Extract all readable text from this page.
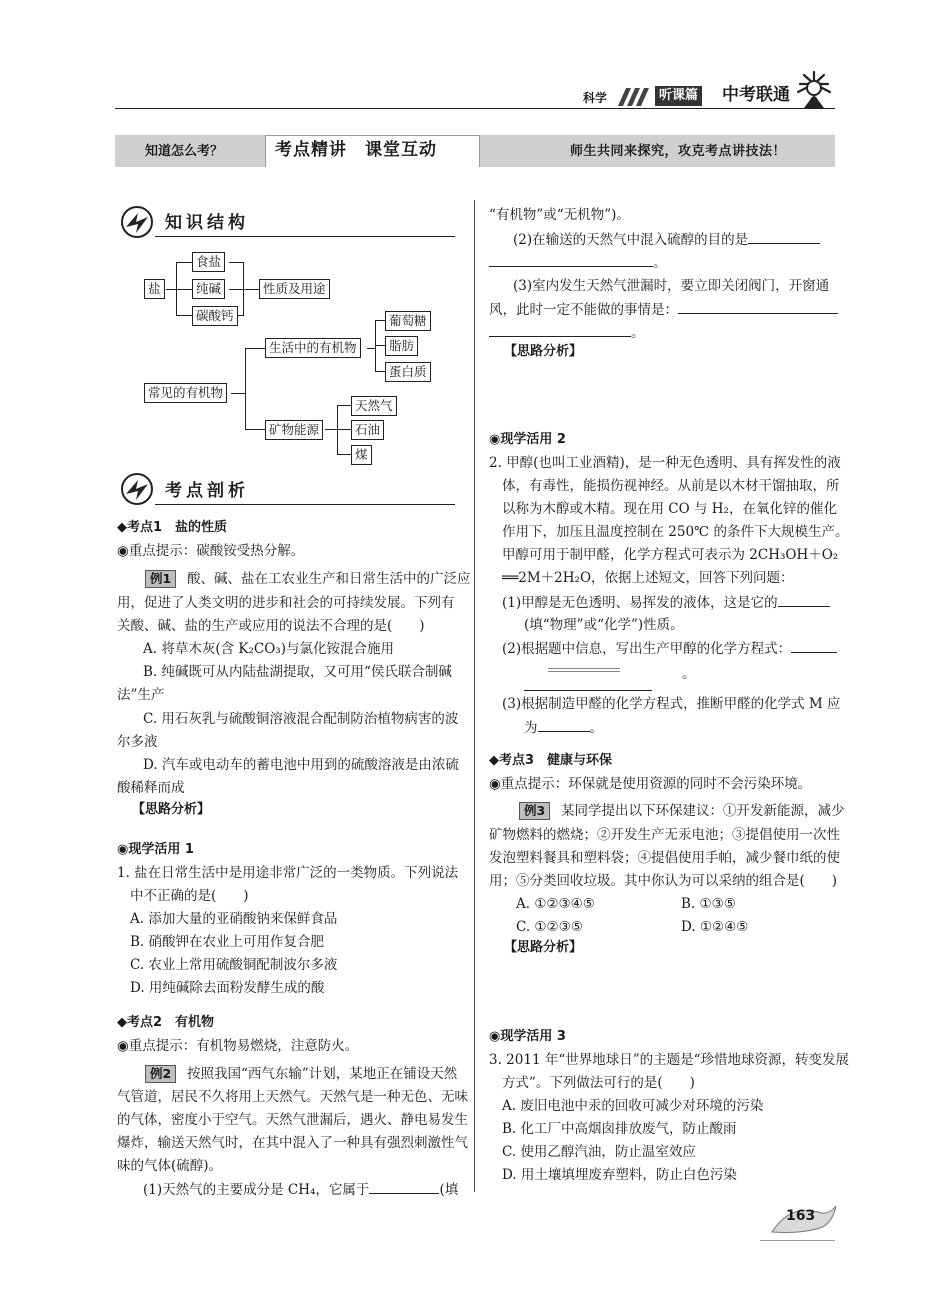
科学	听课篇 中考联通
知道怎么考？	考点精讲　课堂互动	师生共同来探究，攻克考点讲技法！
知识结构
盐
食盐
纯碱
碳酸钙
性质及用途
常见的有机物
生活中的有机物
葡萄糖
脂肪
蛋白质
矿物能源
天然气
石油
煤
考点剖析
◆考点1　盐的性质
◉重点提示：碳酸铵受热分解。
例1	酸、碱、盐在工农业生产和日常生活中的广泛应
用，促进了人类文明的进步和社会的可持续发展。下列有
关酸、碱、盐的生产或应用的说法不合理的是(　　)
A. 将草木灰(含 K₂CO₃)与氯化铵混合施用
B. 纯碱既可从内陆盐湖提取，又可用“侯氏联合制碱
法”生产
C. 用石灰乳与硫酸铜溶液混合配制防治植物病害的波
尔多液
D. 汽车或电动车的蓄电池中用到的硫酸溶液是由浓硫
酸稀释而成
【思路分析】
◉现学活用 1
1. 盐在日常生活中是用途非常广泛的一类物质。下列说法
中不正确的是(　　)
A. 添加大量的亚硝酸钠来保鲜食品
B. 硝酸钾在农业上可用作复合肥
C. 农业上常用硫酸铜配制波尔多液
D. 用纯碱除去面粉发酵生成的酸
◆考点2　有机物
◉重点提示：有机物易燃烧，注意防火。
例2	按照我国“西气东输”计划，某地正在铺设天然
气管道，居民不久将用上天然气。天然气是一种无色、无味
的气体，密度小于空气。天然气泄漏后，遇火、静电易发生
爆炸，输送天然气时，在其中混入了一种具有强烈刺激性气
味的气体(硫醇)。
(1)天然气的主要成分是 CH₄，它属于	(填
“有机物”或“无机物”)。
(2)在输送的天然气中混入硫醇的目的是
。
(3)室内发生天然气泄漏时，要立即关闭阀门，开窗通
风，此时一定不能做的事情是：
。
【思路分析】
◉现学活用 2
2. 甲醇(也叫工业酒精)，是一种无色透明、具有挥发性的液
体，有毒性，能损伤视神经。从前是以木材干馏抽取，所
以称为木醇或木精。现在用 CO 与 H₂，在氧化锌的催化
作用下，加压且温度控制在 250℃ 的条件下大规模生产。
甲醇可用于制甲醛，化学方程式可表示为 2CH₃OH＋O₂
══2M＋2H₂O，依据上述短文，回答下列问题：
(1)甲醇是无色透明、易挥发的液体，这是它的
(填“物理”或“化学”)性质。
(2)根据题中信息，写出生产甲醇的化学方程式：
。
(3)根据制造甲醛的化学方程式，推断甲醛的化学式 M 应
为	。
◆考点3　健康与环保
◉重点提示：环保就是使用资源的同时不会污染环境。
例3	某同学提出以下环保建议：①开发新能源，减少
矿物燃料的燃烧；②开发生产无汞电池；③提倡使用一次性
发泡塑料餐具和塑料袋；④提倡使用手帕，减少餐巾纸的使
用；⑤分类回收垃圾。其中你认为可以采纳的组合是(　　)
A. ①②③④⑤	B. ①③⑤
C. ①②③⑤	D. ①②④⑤
【思路分析】
◉现学活用 3
3. 2011 年“世界地球日”的主题是“珍惜地球资源，转变发展
方式”。下列做法可行的是(　　)
A. 废旧电池中汞的回收可减少对环境的污染
B. 化工厂中高烟囱排放废气，防止酸雨
C. 使用乙醇汽油，防止温室效应
D. 用土壤填埋废弃塑料，防止白色污染
163
